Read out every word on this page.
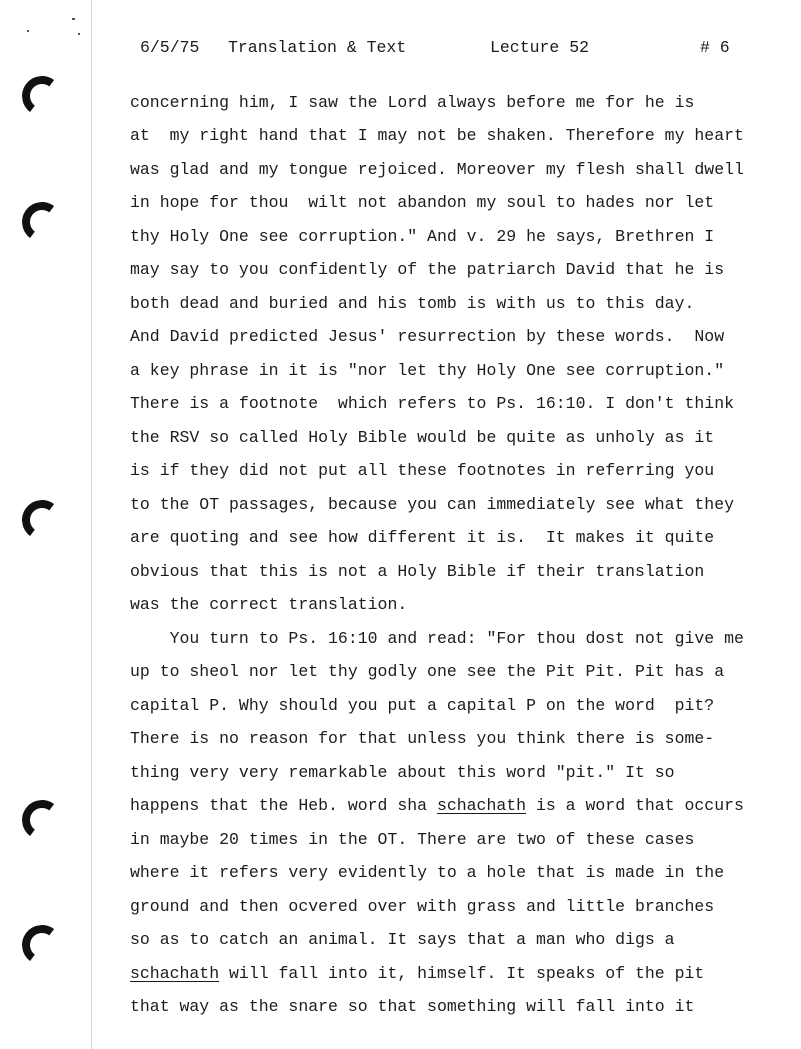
6/5/75

Translation & Text

	Lecture 52

	# 6

concerning him, I saw the Lord always before me for he is
at  my right hand that I may not be shaken. Therefore my heart
was glad and my tongue rejoiced. Moreover my flesh shall dwell
in hope for thou  wilt not abandon my soul to hades nor let
thy Holy One see corruption." And v. 29 he says, Brethren I
may say to you confidently of the patriarch David that he is
both dead and buried and his tomb is with us to this day.
And David predicted Jesus' resurrection by these words.  Now
a key phrase in it is "nor let thy Holy One see corruption."
There is a footnote  which refers to Ps. 16:10. I don't think
the RSV so called Holy Bible would be quite as unholy as it
is if they did not put all these footnotes in referring you
to the OT passages, because you can immediately see what they
are quoting and see how different it is.  It makes it quite
obvious that this is not a Holy Bible if their translation
was the correct translation.
You turn to Ps. 16:10 and read: "For thou dost not give me
up to sheol nor let thy godly one see the Pit Pit. Pit has a
capital P. Why should you put a capital P on the word  pit?
There is no reason for that unless you think there is some-
thing very very remarkable about this word "pit." It so
happens that the Heb. word sha schachath is a word that occurs
in maybe 20 times in the OT. There are two of these cases
where it refers very evidently to a hole that is made in the
ground and then ocvered over with grass and little branches
so as to catch an animal. It says that a man who digs a
schachath will fall into it, himself. It speaks of the pit
that way as the snare so that something will fall into it
